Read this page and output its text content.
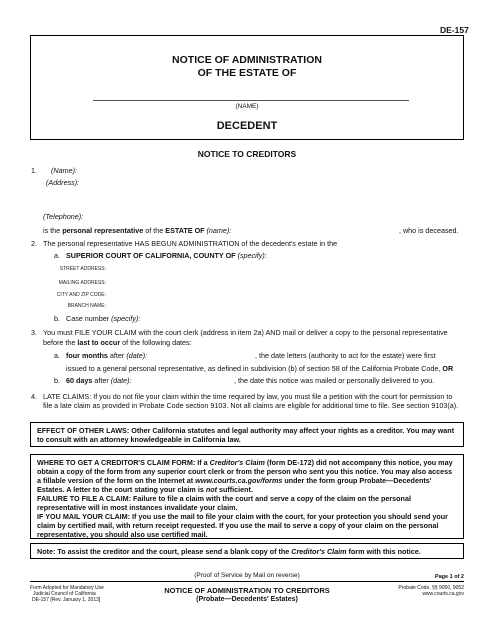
DE-157
NOTICE OF ADMINISTRATION
OF THE ESTATE OF
(NAME)
DECEDENT
NOTICE TO CREDITORS
1. (Name):
(Address):
(Telephone):
is the personal representative of the ESTATE OF (name):	, who is deceased.
2. The personal representative HAS BEGUN ADMINISTRATION of the decedent's estate in the
a. SUPERIOR COURT OF CALIFORNIA, COUNTY OF (specify):
STREET ADDRESS:
MAILING ADDRESS:
CITY AND ZIP CODE:
BRANCH NAME:
b. Case number (specify):
3. You must FILE YOUR CLAIM with the court clerk (address in item 2a) AND mail or deliver a copy to the personal representative
before the last to occur of the following dates:
a. four months after (date):	, the date letters (authority to act for the estate) were first
issued to a general personal representative, as defined in subdivision (b) of section 58 of the California Probate Code, OR
b. 60 days after (date):	, the date this notice was mailed or personally delivered to you.
4. LATE CLAIMS: If you do not file your claim within the time required by law, you must file a petition with the court for permission to
file a late claim as provided in Probate Code section 9103. Not all claims are eligible for additional time to file. See section 9103(a).
EFFECT OF OTHER LAWS: Other California statutes and legal authority may affect your rights as a creditor. You may want
to consult with an attorney knowledgeable in California law.
WHERE TO GET A CREDITOR'S CLAIM FORM: If a Creditor's Claim (form DE-172) did not accompany this notice, you may
obtain a copy of the form from any superior court clerk or from the person who sent you this notice. You may also access
a fillable version of the form on the Internet at www.courts.ca.gov/forms under the form group Probate—Decedents'
Estates. A letter to the court stating your claim is not sufficient.
FAILURE TO FILE A CLAIM: Failure to file a claim with the court and serve a copy of the claim on the personal
representative will in most instances invalidate your claim.
IF YOU MAIL YOUR CLAIM: If you use the mail to file your claim with the court, for your protection you should send your
claim by certified mail, with return receipt requested. If you use the mail to serve a copy of your claim on the personal
representative, you should also use certified mail.
Note: To assist the creditor and the court, please send a blank copy of the Creditor's Claim form with this notice.
(Proof of Service by Mail on reverse)	Page 1 of 2
Form Adopted for Mandatory Use
Judicial Council of California
DE-157 [Rev. January 1, 2013]
NOTICE OF ADMINISTRATION TO CREDITORS
(Probate—Decedents' Estates)
Probate Code, §§ 9050, 9052
www.courts.ca.gov
